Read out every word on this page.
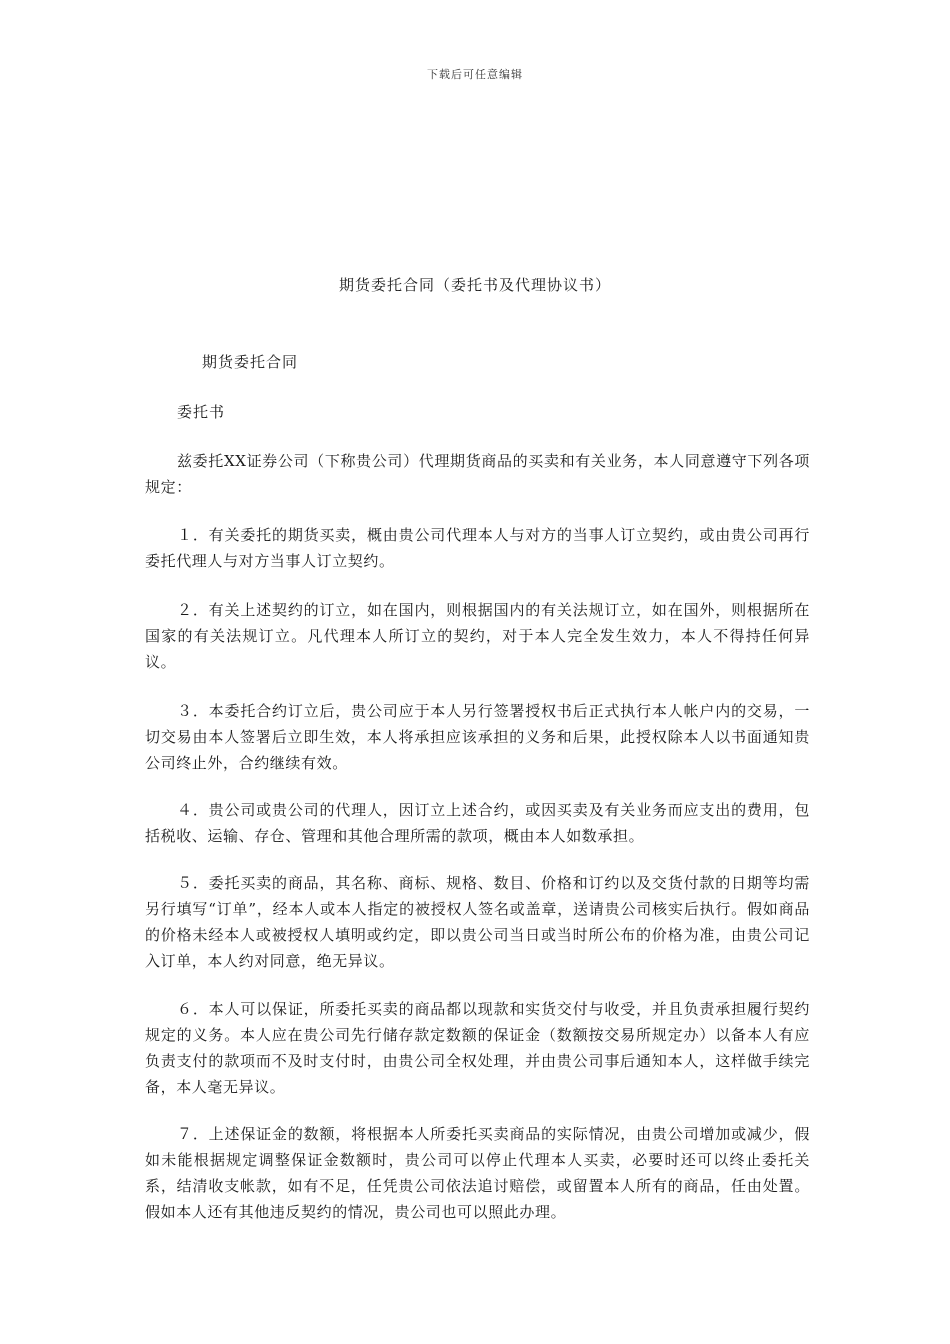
下载后可任意编辑
期货委托合同（委托书及代理协议书）
期货委托合同
委托书

兹委托XX证券公司（下称贵公司）代理期货商品的买卖和有关业务，本人同意遵守下列各项规定：

１．有关委托的期货买卖，概由贵公司代理本人与对方的当事人订立契约，或由贵公司再行委托代理人与对方当事人订立契约。

２．有关上述契约的订立，如在国内，则根据国内的有关法规订立，如在国外，则根据所在国家的有关法规订立。凡代理本人所订立的契约，对于本人完全发生效力，本人不得持任何异议。

３．本委托合约订立后，贵公司应于本人另行签署授权书后正式执行本人帐户内的交易，一切交易由本人签署后立即生效，本人将承担应该承担的义务和后果，此授权除本人以书面通知贵公司终止外，合约继续有效。

４．贵公司或贵公司的代理人，因订立上述合约，或因买卖及有关业务而应支出的费用，包括税收、运输、存仓、管理和其他合理所需的款项，概由本人如数承担。

５．委托买卖的商品，其名称、商标、规格、数目、价格和订约以及交货付款的日期等均需另行填写“订单”，经本人或本人指定的被授权人签名或盖章，送请贵公司核实后执行。假如商品的价格未经本人或被授权人填明或约定，即以贵公司当日或当时所公布的价格为准，由贵公司记入订单，本人约对同意，绝无异议。

６．本人可以保证，所委托买卖的商品都以现款和实货交付与收受，并且负责承担履行契约规定的义务。本人应在贵公司先行储存款定数额的保证金（数额按交易所规定办）以备本人有应负责支付的款项而不及时支付时，由贵公司全权处理，并由贵公司事后通知本人，这样做手续完备，本人毫无异议。

７．上述保证金的数额，将根据本人所委托买卖商品的实际情况，由贵公司增加或减少，假如未能根据规定调整保证金数额时，贵公司可以停止代理本人买卖，必要时还可以终止委托关系，结清收支帐款，如有不足，任凭贵公司依法追讨赔偿，或留置本人所有的商品，任由处置。假如本人还有其他违反契约的情况，贵公司也可以照此办理。
